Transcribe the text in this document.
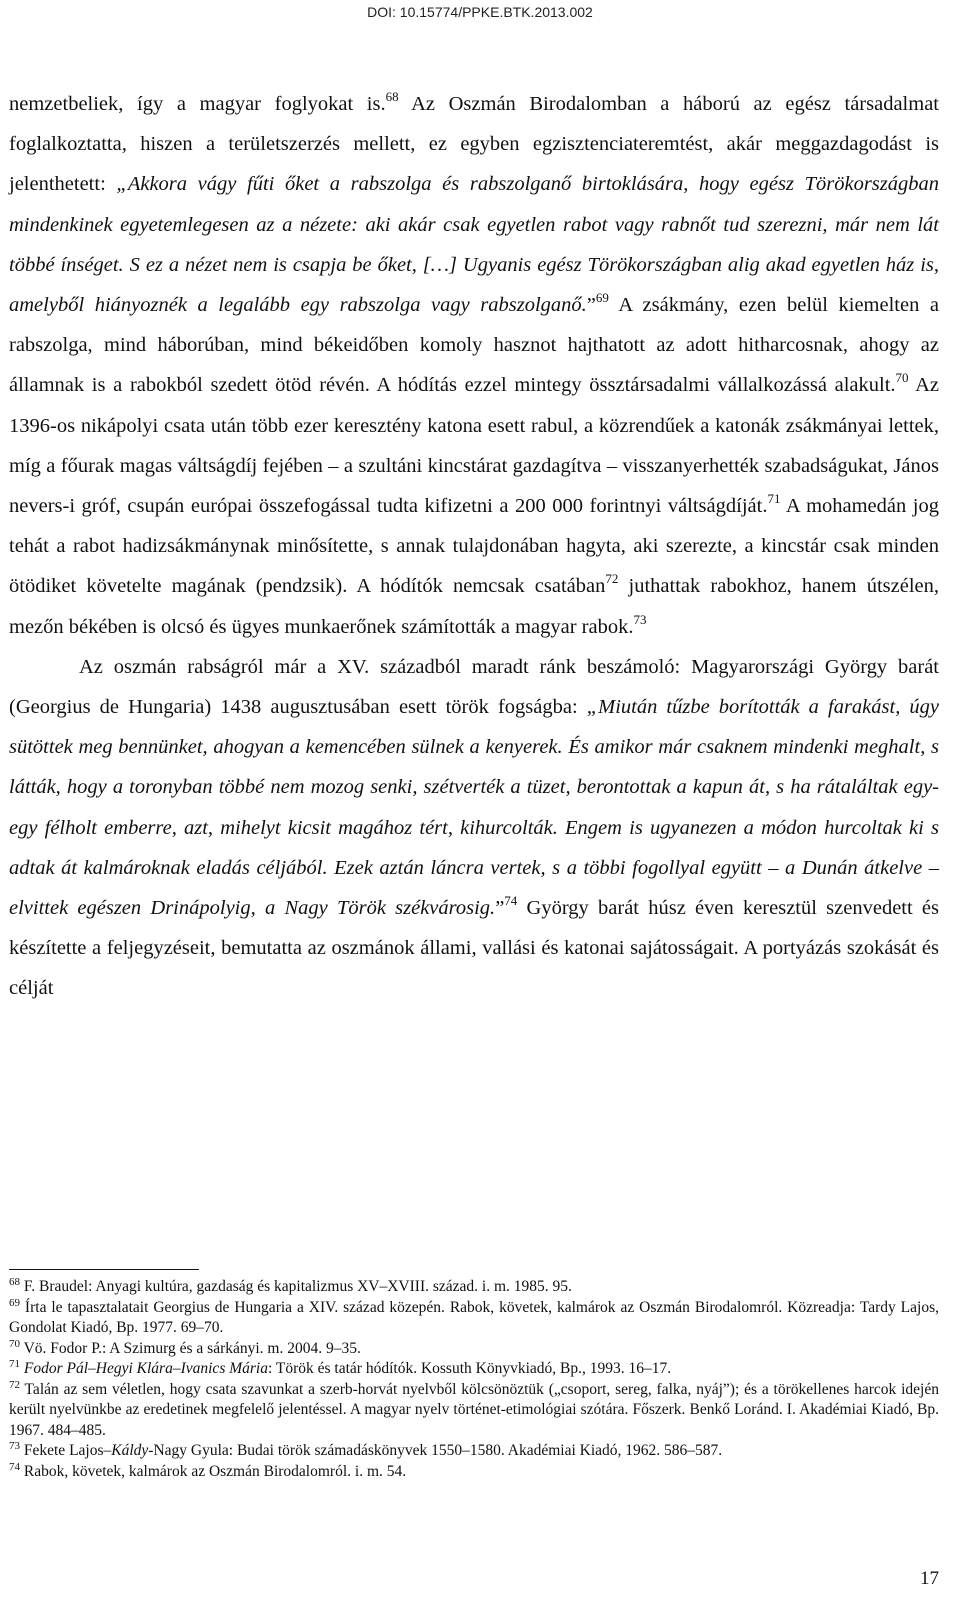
DOI: 10.15774/PPKE.BTK.2013.002

nemzetbeliek, így a magyar foglyokat is.$^{68}$ Az Oszmán Birodalomban a háború az egész társadalmat foglalkoztatta, hiszen a területszerzés mellett, ez egyben egzisztenciateremtést, akár meggazdagodást is jelenthetett: „Akkora vágy fűti őket a rabszolga és rabszolganő birtoklására, hogy egész Törökországban mindenkinek egyetemlegesen az a nézete: aki akár csak egyetlen rabot vagy rabnőt tud szerezni, már nem lát többé ínséget. S ez a nézet nem is csapja be őket, […] Ugyanis egész Törökországban alig akad egyetlen ház is, amelyből hiányoznék a legalább egy rabszolga vagy rabszolganő.”$^{69}$ A zsákmány, ezen belül kiemelten a rabszolga, mind háborúban, mind békeidőben komoly hasznot hajthatott az adott hitharcosnak, ahogy az államnak is a rabokból szedett ötöd révén. A hódítás ezzel mintegy össztársadalmi vállalkozássá alakult.$^{70}$ Az 1396-os nikápolyi csata után több ezer keresztény katona esett rabul, a közrendűek a katonák zsákmányai lettek, míg a főurak magas váltságdíj fejében – a szultáni kincstárat gazdagítva – visszanyerhették szabadságukat, János nevers-i gróf, csupán európai összefogással tudta kifizetni a 200 000 forintnyi váltságdíját.$^{71}$ A mohamedán jog tehát a rabot hadizsákmánynak minősítette, s annak tulajdonában hagyta, aki szerezte, a kincstár csak minden ötödiket követelte magának (pendzsik). A hódítók nemcsak csatában$^{72}$ juthattak rabokhoz, hanem útszélen, mezőn békében is olcsó és ügyes munkaerőnek számították a magyar rabok.$^{73}$

Az oszmán rabságról már a XV. századból maradt ránk beszámoló: Magyarországi György barát (Georgius de Hungaria) 1438 augusztusában esett török fogságba: „Miután tűzbe borították a farakást, úgy sütöttek meg bennünket, ahogyan a kemencében sülnek a kenyerek. És amikor már csaknem mindenki meghalt, s látták, hogy a toronyban többé nem mozog senki, szétverték a tüzet, berontottak a kapun át, s ha rátaláltak egy-egy félholt emberre, azt, mihelyt kicsit magához tért, kihurcolták. Engem is ugyanezen a módon hurcoltak ki s adtak át kalmároknak eladás céljából. Ezek aztán láncra vertek, s a többi fogollyal együtt – a Dunán átkelve – elvittek egészen Drinápolyig, a Nagy Török székvárosig.”$^{74}$ György barát húsz éven keresztül szenvedett és készítette a feljegyzéseit, bemutatta az oszmánok állami, vallási és katonai sajátosságait. A portyázás szokását és célját

$^{68}$ F. Braudel: Anyagi kultúra, gazdaság és kapitalizmus XV–XVIII. század. i. m. 1985. 95.

$^{69}$ Írta le tapasztalatait Georgius de Hungaria a XIV. század közepén. Rabok, követek, kalmárok az Oszmán Birodalomról. Közreadja: Tardy Lajos, Gondolat Kiadó, Bp. 1977. 69–70.

$^{70}$ Vö. Fodor P.: A Szimurg és a sárkányi. m. 2004. 9–35.

$^{71}$ Fodor Pál–Hegyi Klára–Ivanics Mária: Török és tatár hódítók. Kossuth Könyvkiadó, Bp., 1993. 16–17.

$^{72}$ Talán az sem véletlen, hogy csata szavunkat a szerb-horvát nyelvből kölcsönöztük („csoport, sereg, falka, nyáj”); és a törökellenes harcok idején került nyelvünkbe az eredetinek megfelelő jelentéssel. A magyar nyelv történet-etimológiai szótára. Főszerk. Benkő Loránd. I. Akadémiai Kiadó, Bp. 1967. 484–485.

$^{73}$ Fekete Lajos–Káldy-Nagy Gyula: Budai török számadáskönyvek 1550–1580. Akadémiai Kiadó, 1962. 586–587.

$^{74}$ Rabok, követek, kalmárok az Oszmán Birodalomról. i. m. 54.

17
